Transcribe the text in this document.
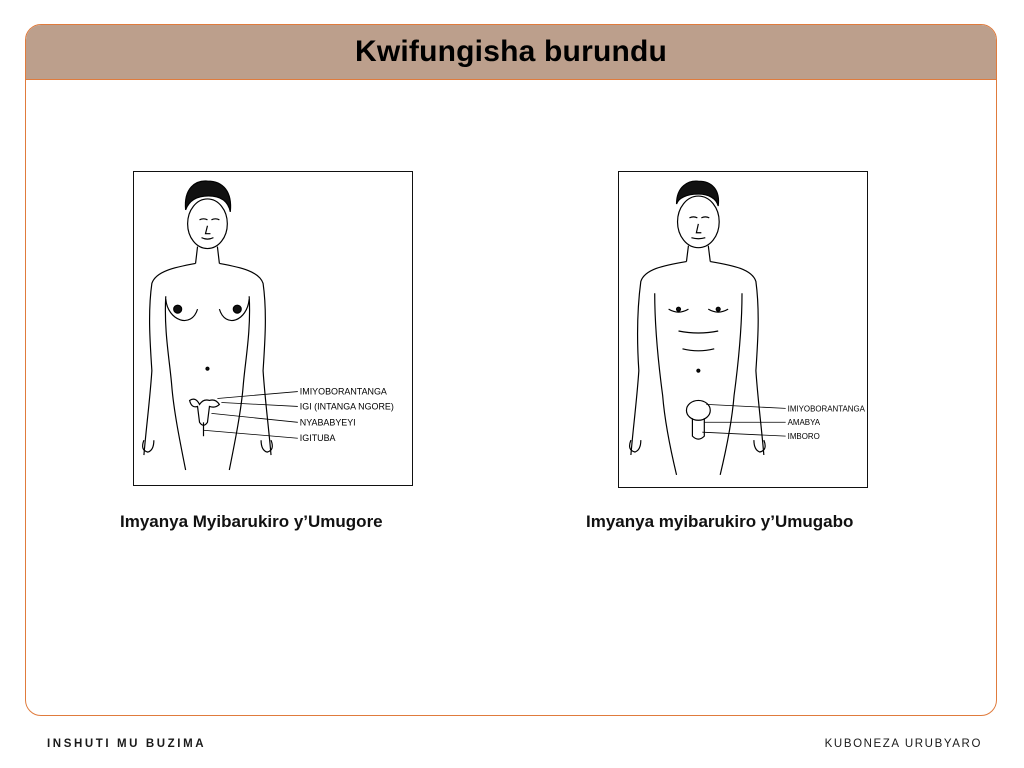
Kwifungisha burundu
IMIYOBORANTANGA
IGI (INTANGA NGORE)
NYABABYEYI
IGITUBA
IMIYOBORANTANGA
AMABYA
IMBORO
Imyanya Myibarukiro y’Umugore	Imyanya myibarukiro y’Umugabo
INSHUTI MU BUZIMA	KUBONEZA URUBYARO
